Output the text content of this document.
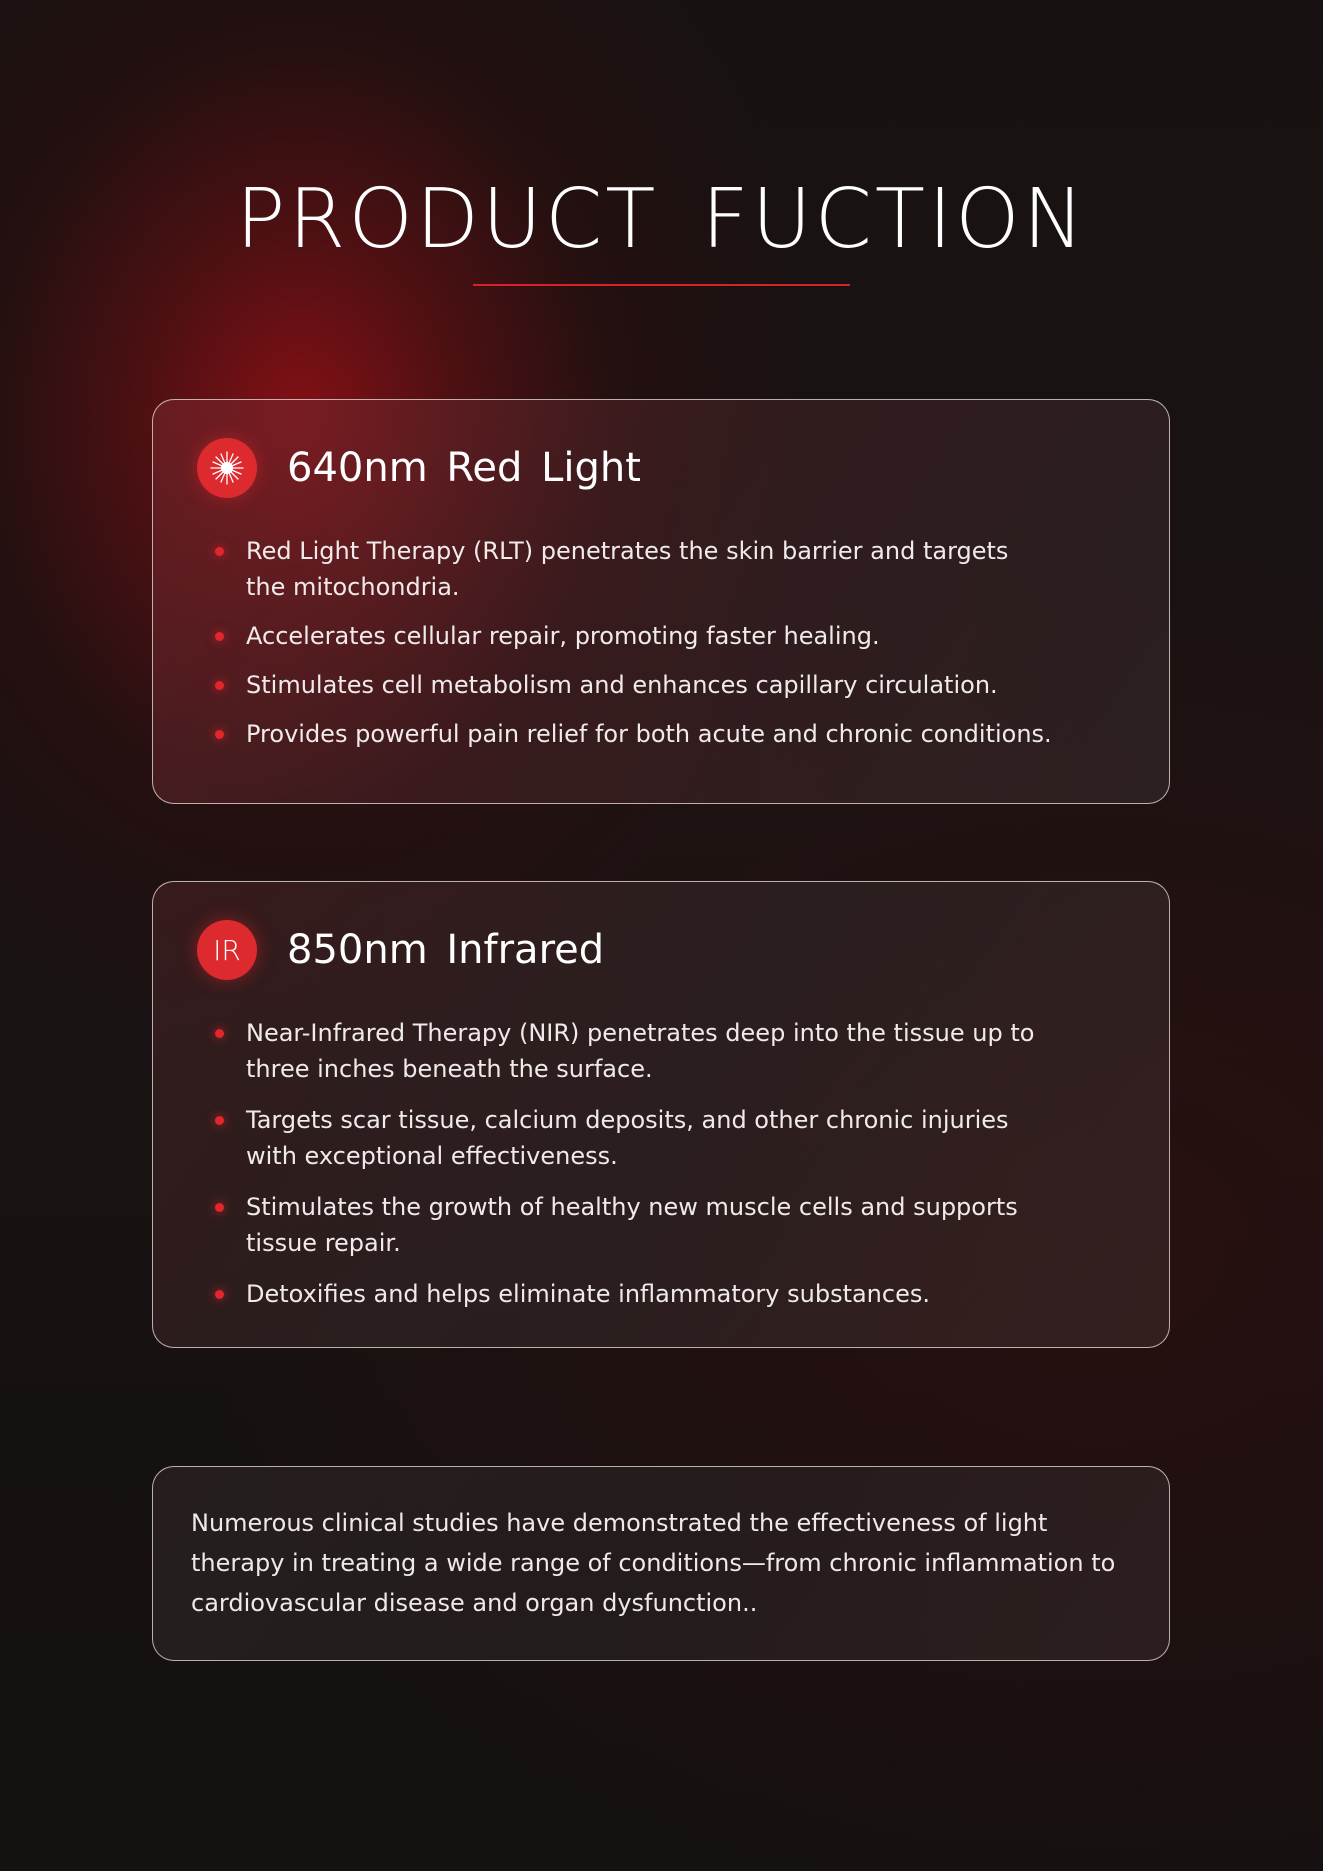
PRODUCT FUCTION
640nm Red Light
Red Light Therapy (RLT) penetrates the skin barrier and targets the mitochondria.
Accelerates cellular repair, promoting faster healing.
Stimulates cell metabolism and enhances capillary circulation.
Provides powerful pain relief for both acute and chronic conditions.
IR 850nm Infrared
Near-Infrared Therapy (NIR) penetrates deep into the tissue up to three inches beneath the surface.
Targets scar tissue, calcium deposits, and other chronic injuries with exceptional effectiveness.
Stimulates the growth of healthy new muscle cells and supports tissue repair.
Detoxifies and helps eliminate inflammatory substances.

Numerous clinical studies have demonstrated the effectiveness of light therapy in treating a wide range of conditions—from chronic inflammation to cardiovascular disease and organ dysfunction..
